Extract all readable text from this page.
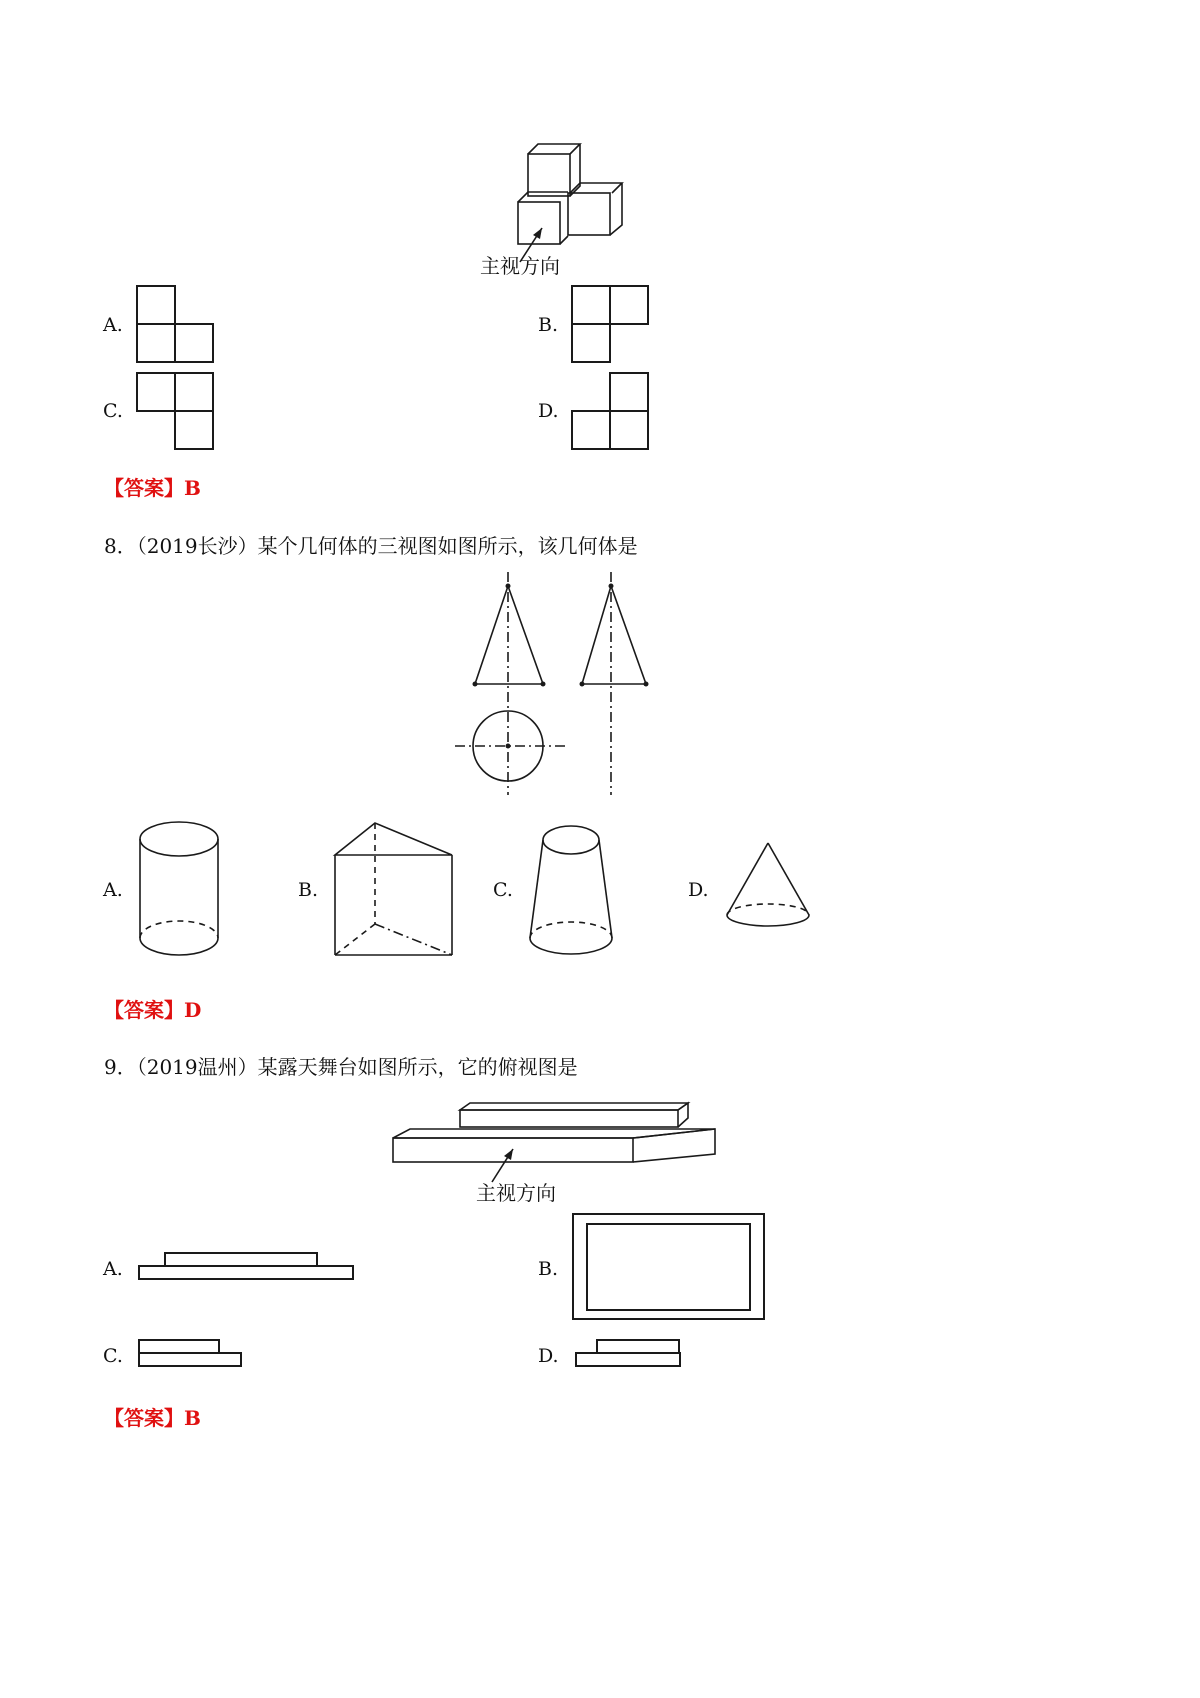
主视方向
A.	B.
C.	D.
【答案】B
8．（2019长沙）某个几何体的三视图如图所示，该几何体是
A.	B.	C.	D.
【答案】D
9．（2019温州）某露天舞台如图所示，它的俯视图是
主视方向
A.	B.
C.	D.
【答案】B
